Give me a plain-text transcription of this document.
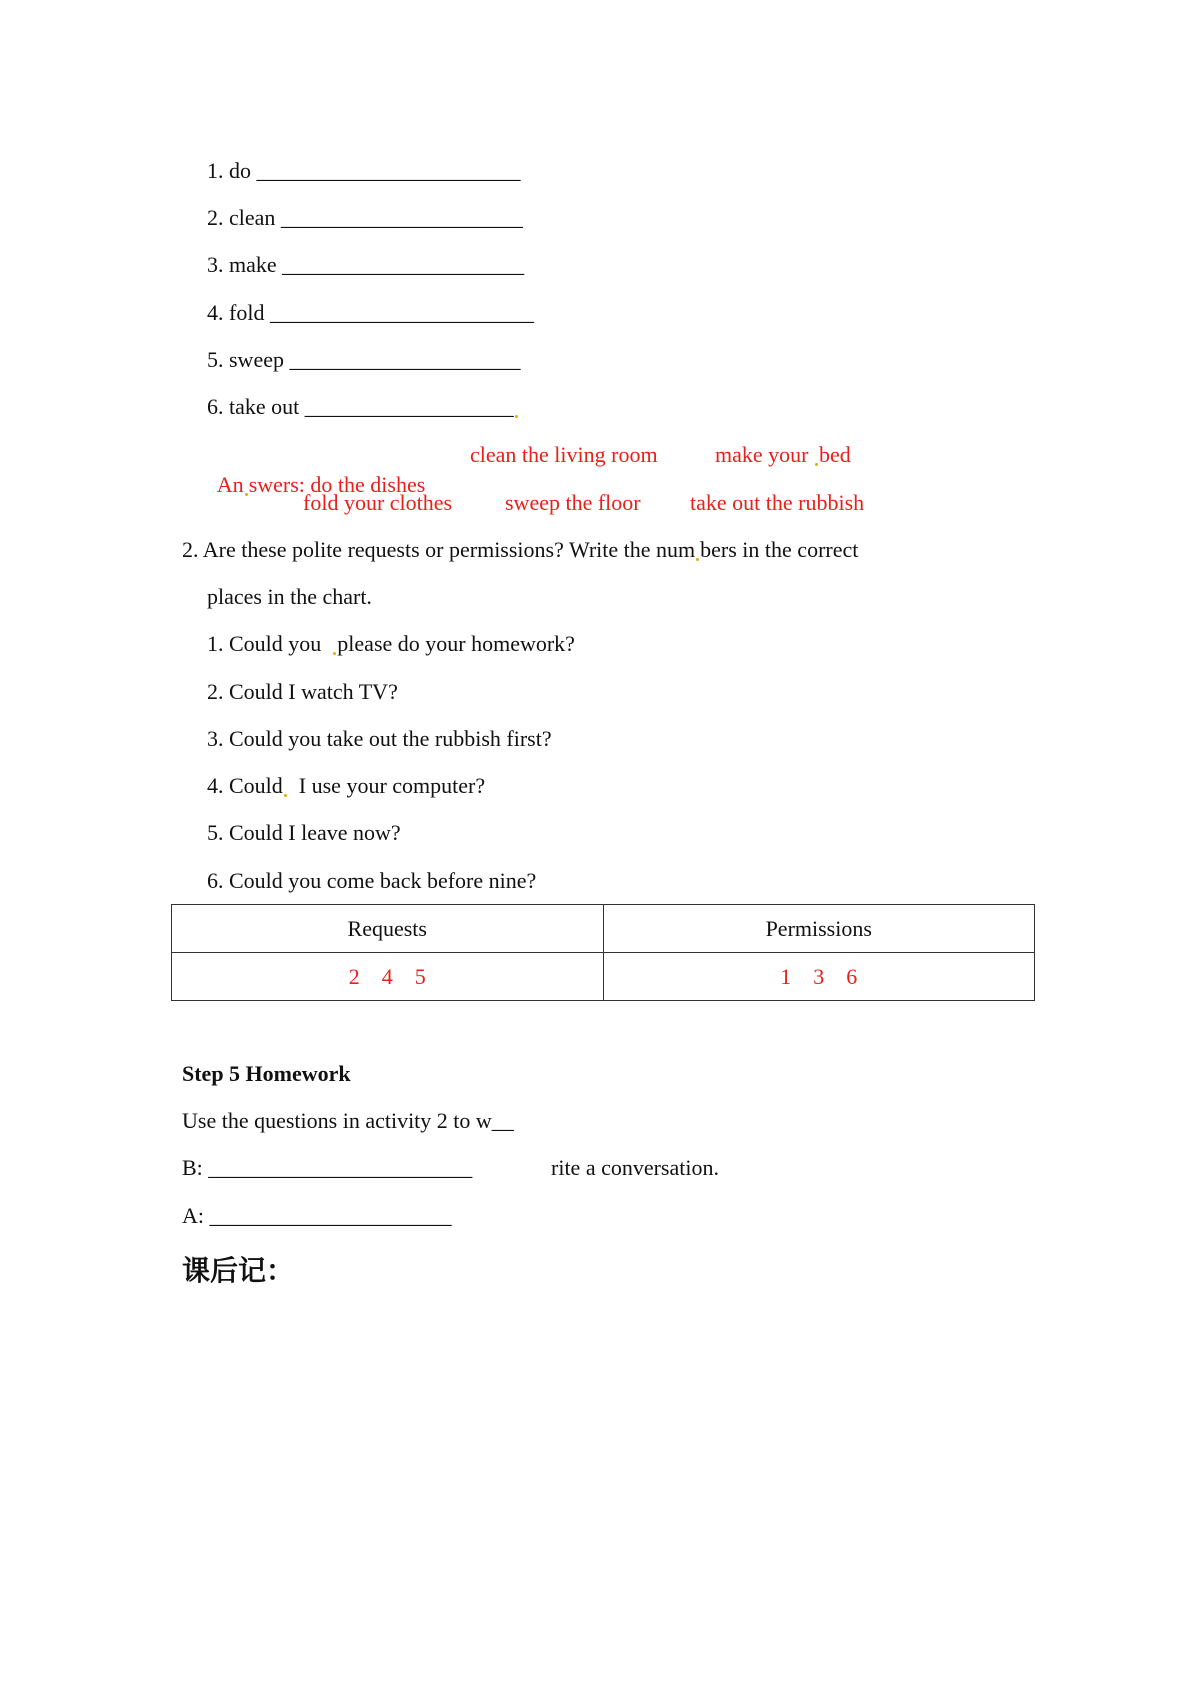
1. do ________________________
2. clean ______________________
3. make ______________________
4. fold ________________________
5. sweep _____________________
6. take out ___________________

An swers: do the dishes

clean the living room	make your bed
fold your clothes sweep the floor take out the rubbish
2. Are these polite requests or permissions? Write the num bers in the correct
places in the chart.
1. Could you  please do your homework?
2. Could I watch TV?
3. Could you take out the rubbish first?
4. Could  I use your computer?
5. Could I leave now?
6. Could you come back before nine?
Requests	Permissions
2    4    5	1    3    6
Step 5 Homework
Use the questions in activity 2 to w__
B: ________________________	rite a conversation.
A: ______________________
课后记：
